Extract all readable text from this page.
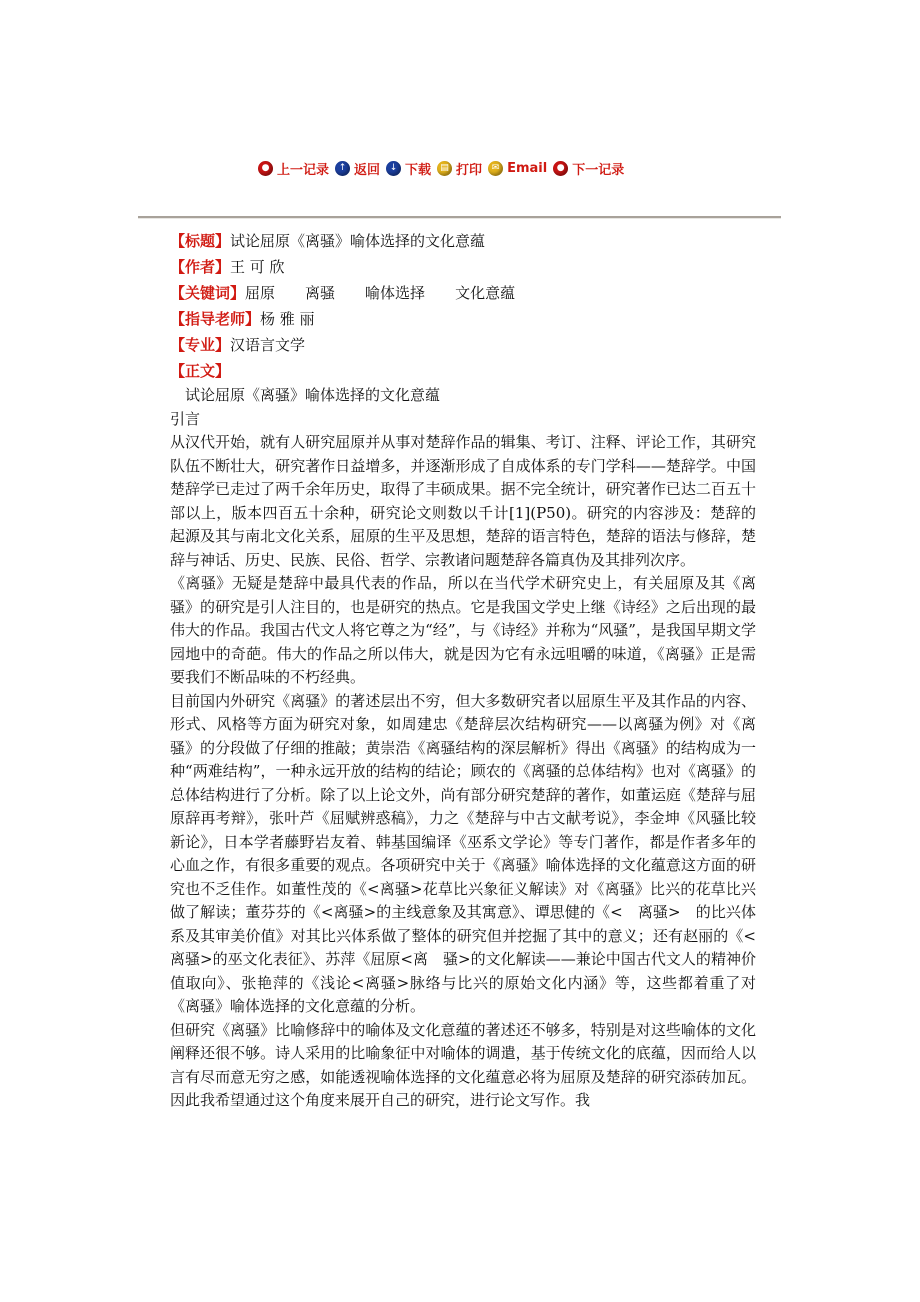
● 上一记录	↑ 返回	↓ 下载	▤ 打印	✉ Email	● 下一记录
【标题】试论屈原《离骚》喻体选择的文化意蕴
【作者】王 可 欣
【关键词】屈原 离骚 喻体选择 文化意蕴
【指导老师】杨 雅 丽
【专业】汉语言文学
【正文】

试论屈原《离骚》喻体选择的文化意蕴

引言

从汉代开始，就有人研究屈原并从事对楚辞作品的辑集、考订、注释、评论工作，其研究队伍不断壮大，研究著作日益增多，并逐渐形成了自成体系的专门学科——楚辞学。中国楚辞学已走过了两千余年历史，取得了丰硕成果。据不完全统计，研究著作已达二百五十部以上，版本四百五十余种，研究论文则数以千计[1](P50)。研究的内容涉及：楚辞的起源及其与南北文化关系，屈原的生平及思想，楚辞的语言特色，楚辞的语法与修辞，楚辞与神话、历史、民族、民俗、哲学、宗教诸问题楚辞各篇真伪及其排列次序。

《离骚》无疑是楚辞中最具代表的作品，所以在当代学术研究史上，有关屈原及其《离骚》的研究是引人注目的，也是研究的热点。它是我国文学史上继《诗经》之后出现的最伟大的作品。我国古代文人将它尊之为“经”，与《诗经》并称为“风骚”，是我国早期文学园地中的奇葩。伟大的作品之所以伟大，就是因为它有永远咀嚼的味道，《离骚》正是需要我们不断品味的不朽经典。

目前国内外研究《离骚》的著述层出不穷，但大多数研究者以屈原生平及其作品的内容、形式、风格等方面为研究对象，如周建忠《楚辞层次结构研究——以离骚为例》对《离骚》的分段做了仔细的推敲；黄崇浩《离骚结构的深层解析》得出《离骚》的结构成为一种“两难结构”，一种永远开放的结构的结论；顾农的《离骚的总体结构》也对《离骚》的总体结构进行了分析。除了以上论文外，尚有部分研究楚辞的著作，如董运庭《楚辞与屈原辞再考辩》，张叶芦《屈赋辨惑稿》，力之《楚辞与中古文献考说》，李金坤《风骚比较新论》，日本学者藤野岩友着、韩基国编译《巫系文学论》等专门著作，都是作者多年的心血之作，有很多重要的观点。各项研究中关于《离骚》喻体选择的文化蕴意这方面的研究也不乏佳作。如董性茂的《<离骚>花草比兴象征义解读》对《离骚》比兴的花草比兴做了解读；董芬芬的《<离骚>的主线意象及其寓意》、谭思健的《<　离骚>　的比兴体系及其审美价值》对其比兴体系做了整体的研究但并挖掘了其中的意义；还有赵丽的《<离骚>的巫文化表征》、苏萍《屈原<离　骚>的文化解读——兼论中国古代文人的精神价值取向》、张艳萍的《浅论<离骚>脉络与比兴的原始文化内涵》等，这些都着重了对《离骚》喻体选择的文化意蕴的分析。

但研究《离骚》比喻修辞中的喻体及文化意蕴的著述还不够多，特别是对这些喻体的文化阐释还很不够。诗人采用的比喻象征中对喻体的调遣，基于传统文化的底蕴，因而给人以言有尽而意无穷之感，如能透视喻体选择的文化蕴意必将为屈原及楚辞的研究添砖加瓦。因此我希望通过这个角度来展开自己的研究，进行论文写作。我
